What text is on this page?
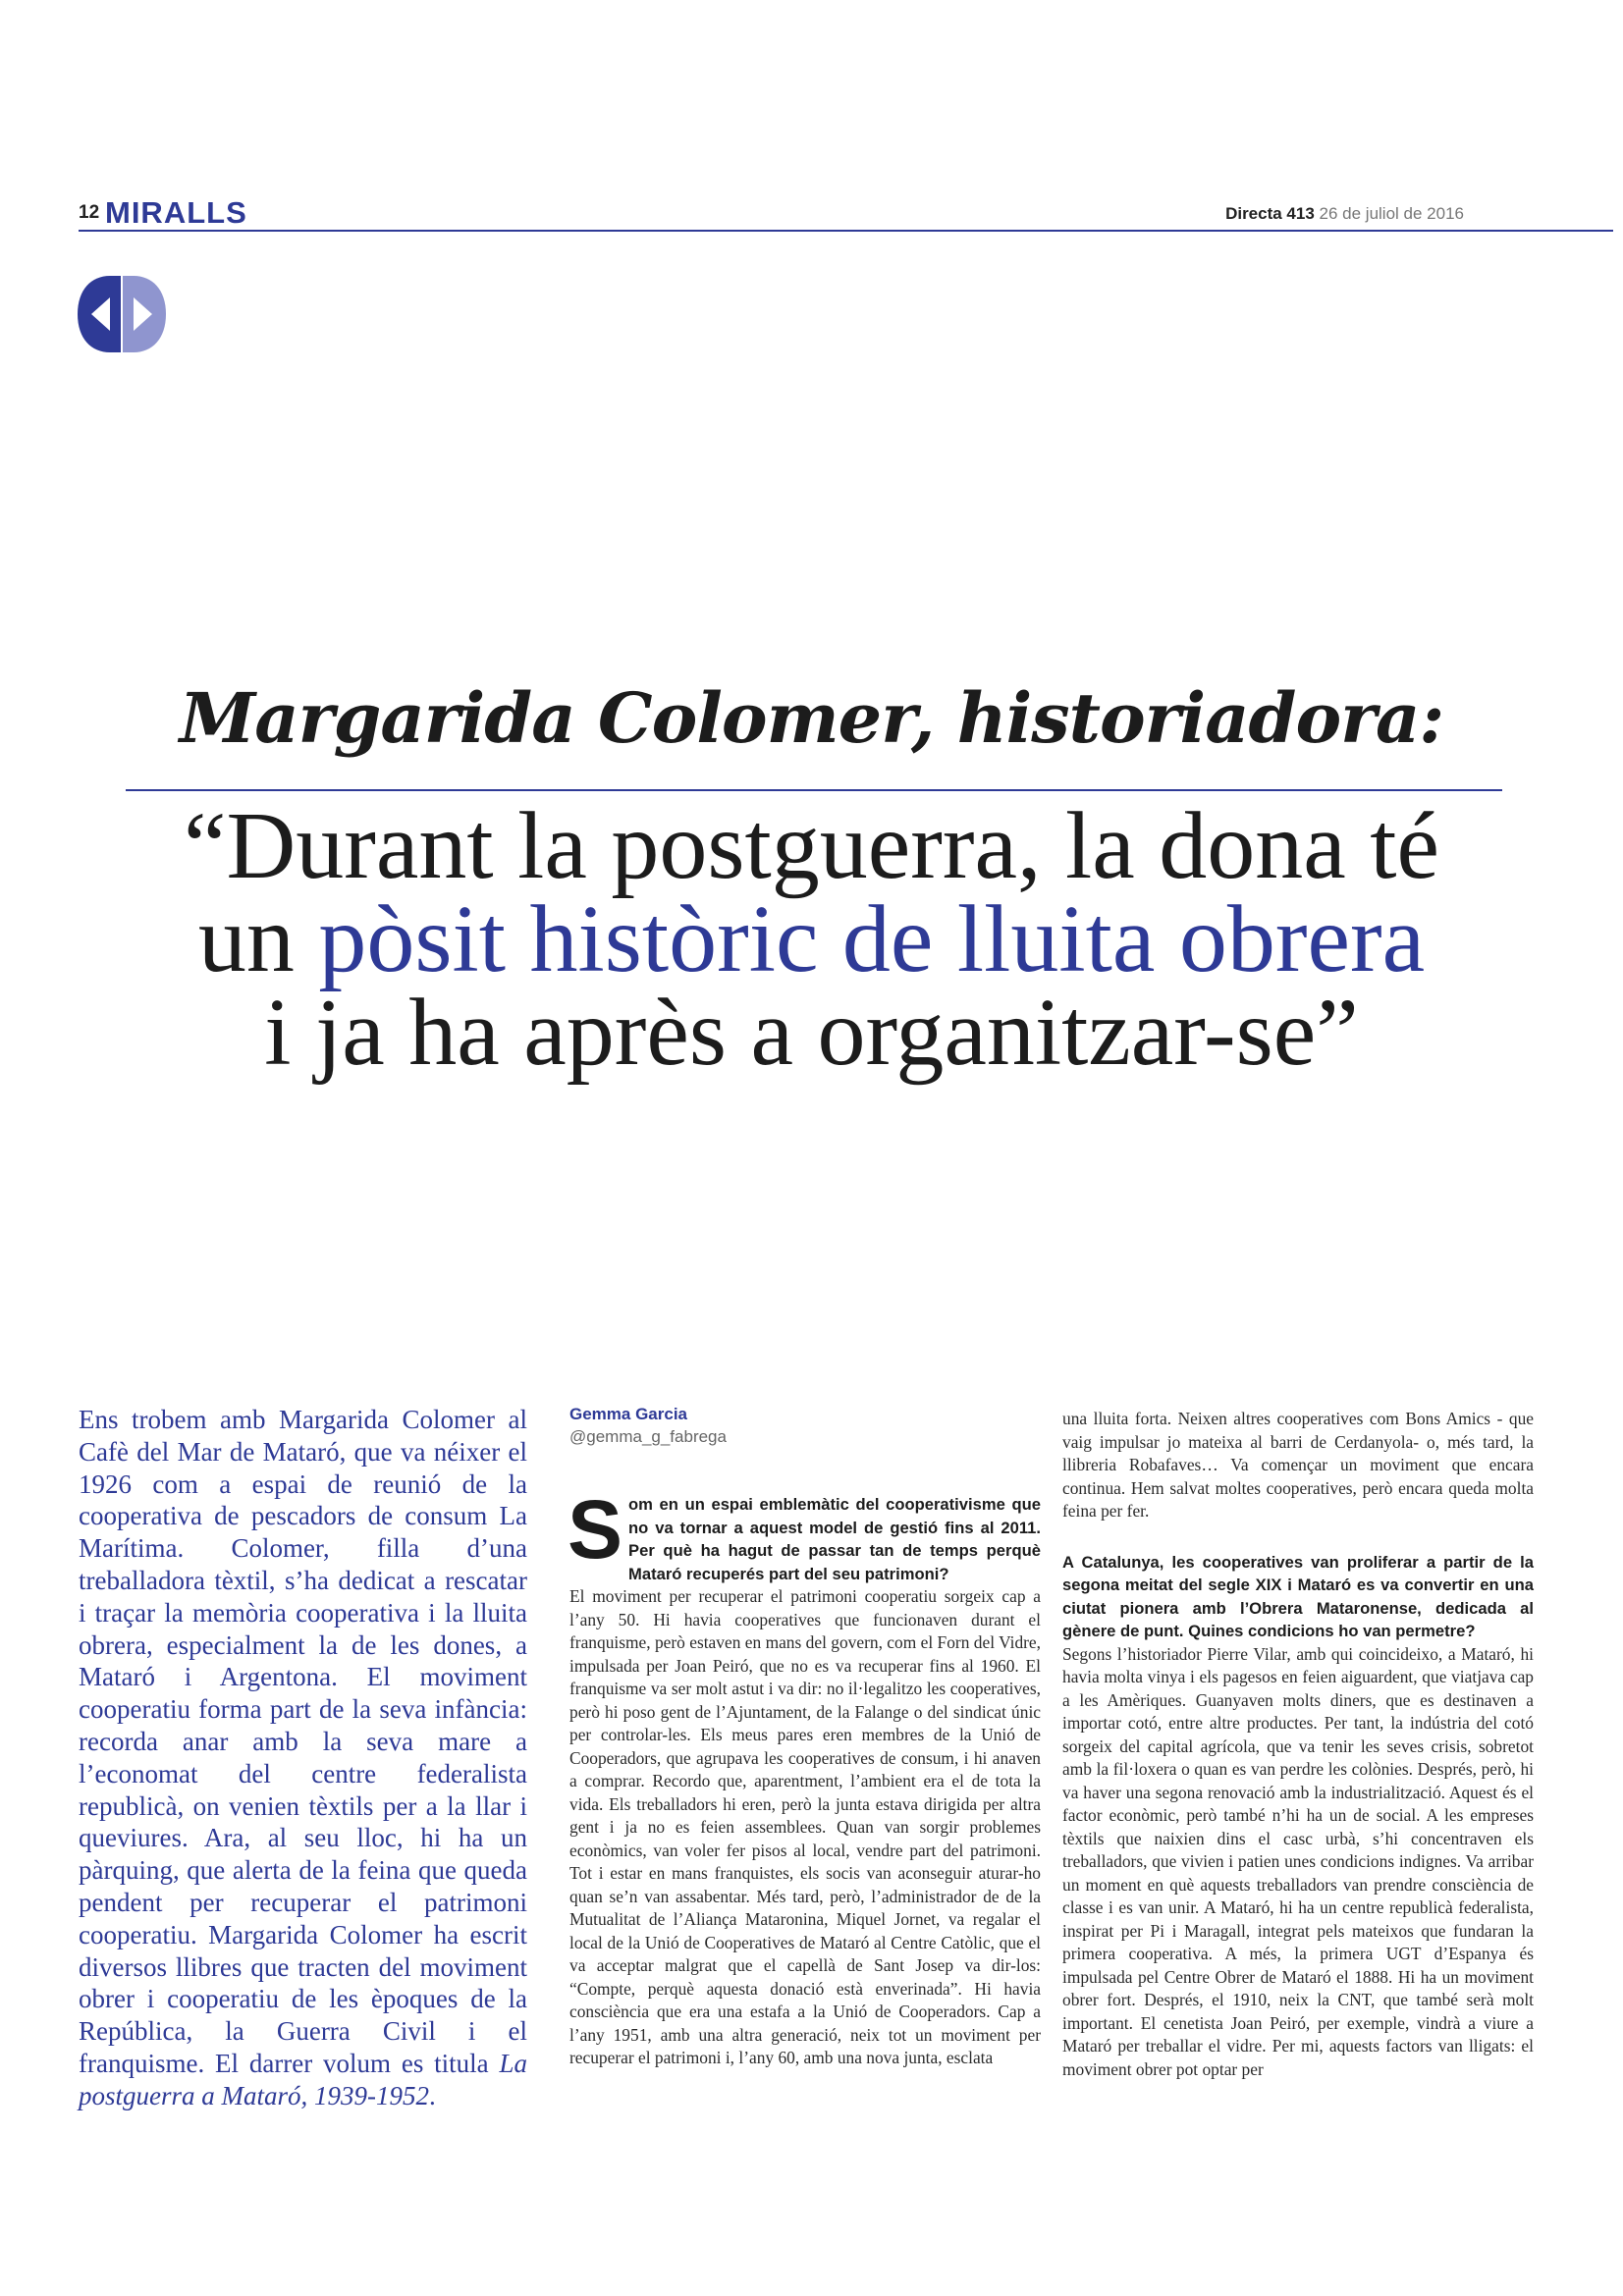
12 MIRALLS	Directa 413 26 de juliol de 2016
Margarida Colomer, historiadora:
“Durant la postguerra, la dona té
un pòsit històric de lluita obrera
i ja ha après a organitzar-se”
Ens trobem amb Margarida Colomer al Cafè del Mar de Mataró, que va néixer el 1926 com a espai de reunió de la cooperativa de pescadors de consum La Marítima. Colomer, filla d’una treballadora tèxtil, s’ha dedicat a rescatar i traçar la memòria cooperativa i la lluita obrera, especialment la de les dones, a Mataró i Argentona. El moviment cooperatiu forma part de la seva infància: recorda anar amb la seva mare a l’economat del centre federalista republicà, on venien tèxtils per a la llar i queviures. Ara, al seu lloc, hi ha un pàrquing, que alerta de la feina que queda pendent per recuperar el patrimoni cooperatiu. Margarida Colomer ha escrit diversos llibres que tracten del moviment obrer i cooperatiu de les èpoques de la República, la Guerra Civil i el franquisme. El darrer volum es titula La postguerra a Mataró, 1939-1952.
Gemma Garcia
@gemma_g_fabrega

Som en un espai emblemàtic del cooperativisme que no va tornar a aquest model de gestió fins al 2011. Per què ha hagut de passar tan de temps perquè Mataró recuperés part del seu patrimoni?

El moviment per recuperar el patrimoni cooperatiu sorgeix cap a l’any 50. Hi havia cooperatives que funcionaven durant el franquisme, però estaven en mans del govern, com el Forn del Vidre, impulsada per Joan Peiró, que no es va recuperar fins al 1960. El franquisme va ser molt astut i va dir: no il·legalitzo les cooperatives, però hi poso gent de l’Ajuntament, de la Falange o del sindicat únic per controlar-les. Els meus pares eren membres de la Unió de Cooperadors, que agrupava les cooperatives de consum, i hi anaven a comprar. Recordo que, aparentment, l’ambient era el de tota la vida. Els treballadors hi eren, però la junta estava dirigida per altra gent i ja no es feien assemblees. Quan van sorgir problemes econòmics, van voler fer pisos al local, vendre part del patrimoni. Tot i estar en mans franquistes, els socis van aconseguir aturar-ho quan se’n van assabentar. Més tard, però, l’administrador de de la Mutualitat de l’Aliança Mataronina, Miquel Jornet, va regalar el local de la Unió de Cooperatives de Mataró al Centre Catòlic, que el va acceptar malgrat que el capellà de Sant Josep va dir-los: “Compte, perquè aquesta donació està enverinada”. Hi havia consciència que era una estafa a la Unió de Cooperadors. Cap a l’any 1951, amb una altra generació, neix tot un moviment per recuperar el patrimoni i, l’any 60, amb una nova junta, esclata

una lluita forta. Neixen altres cooperatives com Bons Amics - que vaig impulsar jo mateixa al barri de Cerdanyola- o, més tard, la llibreria Robafaves… Va començar un moviment que encara continua. Hem salvat moltes cooperatives, però encara queda molta feina per fer.

A Catalunya, les cooperatives van proliferar a partir de la segona meitat del segle XIX i Mataró es va convertir en una ciutat pionera amb l’Obrera Mataronense, dedicada al gènere de punt. Quines condicions ho van permetre?

Segons l’historiador Pierre Vilar, amb qui coincideixo, a Mataró, hi havia molta vinya i els pagesos en feien aiguardent, que viatjava cap a les Amèriques. Guanyaven molts diners, que es destinaven a importar cotó, entre altre productes. Per tant, la indústria del cotó sorgeix del capital agrícola, que va tenir les seves crisis, sobretot amb la fil·loxera o quan es van perdre les colònies. Després, però, hi va haver una segona renovació amb la industrialització. Aquest és el factor econòmic, però també n’hi ha un de social. A les empreses tèxtils que naixien dins el casc urbà, s’hi concentraven els treballadors, que vivien i patien unes condicions indignes. Va arribar un moment en què aquests treballadors van prendre consciència de classe i es van unir. A Mataró, hi ha un centre republicà federalista, inspirat per Pi i Maragall, integrat pels mateixos que fundaran la primera cooperativa. A més, la primera UGT d’Espanya és impulsada pel Centre Obrer de Mataró el 1888. Hi ha un moviment obrer fort. Després, el 1910, neix la CNT, que també serà molt important. El cenetista Joan Peiró, per exemple, vindrà a viure a Mataró per treballar el vidre. Per mi, aquests factors van lligats: el moviment obrer pot optar per
